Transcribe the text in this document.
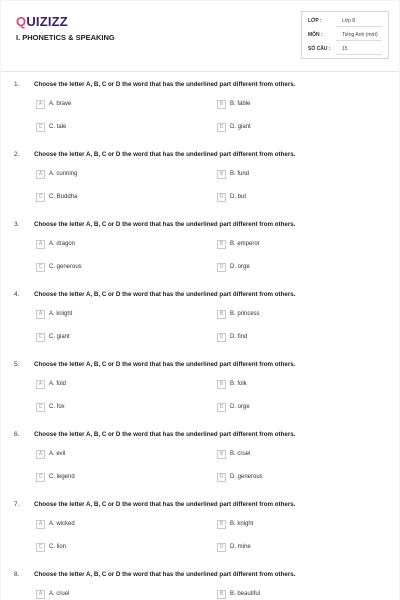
QUIZIZZ
I. PHONETICS & SPEAKING
LỚP :	Lớp 8
MÔN :	Tiếng Anh (mới)
SỐ CÂU : 15
1. Choose the letter A, B, C or D the word that has the underlined part different from others.
A	A. brave	B	B. fable
C	C. tale	D	D. giant
2. Choose the letter A, B, C or D the word that has the underlined part different from others.
A	A. cunning	B	B. fund
C	C. Buddha	D	D. but
3. Choose the letter A, B, C or D the word that has the underlined part different from others.
A	A. dragon	B	B. emperor
C	C. generous	D	D. orge
4. Choose the letter A, B, C or D the word that has the underlined part different from others.
A	A. knight	B	B. princess
C	C. giant	D	D. find
5. Choose the letter A, B, C or D the word that has the underlined part different from others.
A	A. fold	B	B. folk
C	C. fox	D	D. orge
6. Choose the letter A, B, C or D the word that has the underlined part different from others.
A	A. evil	B	B. cruel
C	C. legend	D	D. generous
7. Choose the letter A, B, C or D the word that has the underlined part different from others.
A	A. wicked	B	B. knight
C	C. lion	D	D. mine
8. Choose the letter A, B, C or D the word that has the underlined part different from others.
A	A. cruel	B	B. beautiful
